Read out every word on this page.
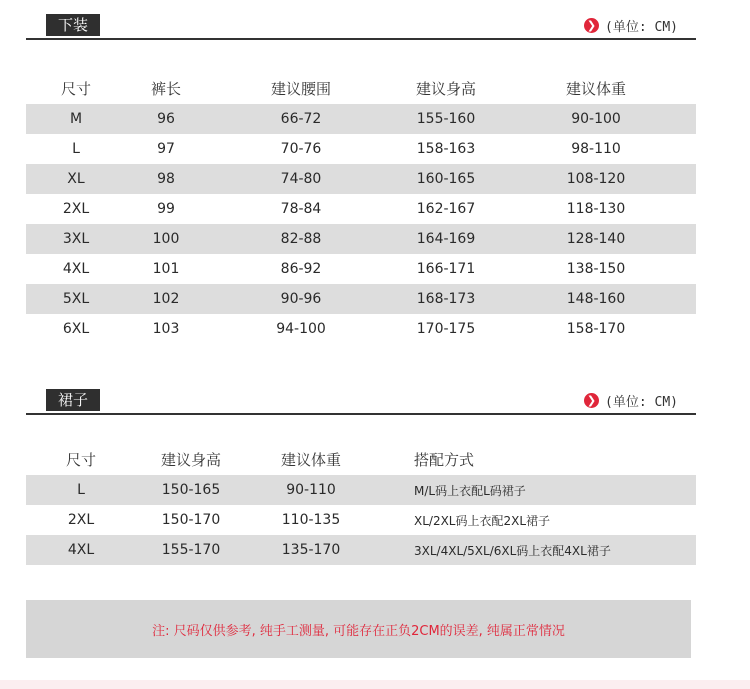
下装	❯ (单位: CM)
尺寸	裤长	建议腰围	建议身高	建议体重
M	96	66-72	155-160	90-100
L	97	70-76	158-163	98-110
XL	98	74-80	160-165	108-120
2XL	99	78-84	162-167	118-130
3XL	100	82-88	164-169	128-140
4XL	101	86-92	166-171	138-150
5XL	102	90-96	168-173	148-160
6XL	103	94-100	170-175	158-170
裙子	❯ (单位: CM)
尺寸	建议身高	建议体重	搭配方式
L	150-165	90-110	M/L码上衣配L码裙子
2XL	150-170	110-135	XL/2XL码上衣配2XL裙子
4XL	155-170	135-170	3XL/4XL/5XL/6XL码上衣配4XL裙子
注: 尺码仅供参考, 纯手工测量, 可能存在正负2CM的误差, 纯属正常情况
